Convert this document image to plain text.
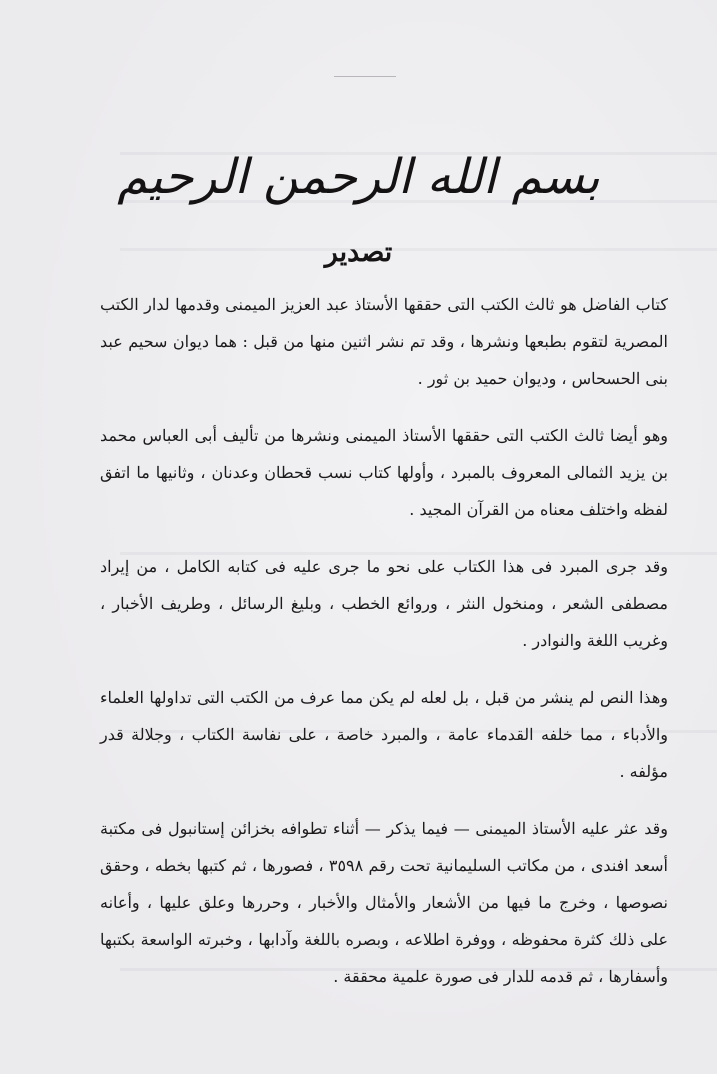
بسم الله الرحمن الرحيم
تصدير

كتاب الفاضل هو ثالث الكتب التى حققها الأستاذ عبد العزيز الميمنى وقدمها لدار الكتب المصرية لتقوم بطبعها ونشرها ، وقد تم نشر اثنين منها من قبل : هما ديوان سحيم عبد بنى الحسحاس ، وديوان حميد بن ثور .

وهو أيضا ثالث الكتب التى حققها الأستاذ الميمنى ونشرها من تأليف أبى العباس محمد بن يزيد الثمالى المعروف بالمبرد ، وأولها كتاب نسب قحطان وعدنان ، وثانيها ما اتفق لفظه واختلف معناه من القرآن المجيد .

وقد جرى المبرد فى هذا الكتاب على نحو ما جرى عليه فى كتابه الكامل ، من إيراد مصطفى الشعر ، ومنخول النثر ، وروائع الخطب ، وبليغ الرسائل ، وطريف الأخبار ، وغريب اللغة والنوادر .

وهذا النص لم ينشر من قبل ، بل لعله لم يكن مما عرف من الكتب التى تداولها العلماء والأدباء ، مما خلفه القدماء عامة ، والمبرد خاصة ، على نفاسة الكتاب ، وجلالة قدر مؤلفه .

وقد عثر عليه الأستاذ الميمنى — فيما يذكر — أثناء تطوافه بخزائن إستانبول فى مكتبة أسعد افندى ، من مكاتب السليمانية تحت رقم ٣٥٩٨ ، فصورها ، ثم كتبها بخطه ، وحقق نصوصها ، وخرج ما فيها من الأشعار والأمثال والأخبار ، وحررها وعلق عليها ، وأعانه على ذلك كثرة محفوظه ، ووفرة اطلاعه ، وبصره باللغة وآدابها ، وخبرته الواسعة بكتبها وأسفارها ، ثم قدمه للدار فى صورة علمية محققة .
